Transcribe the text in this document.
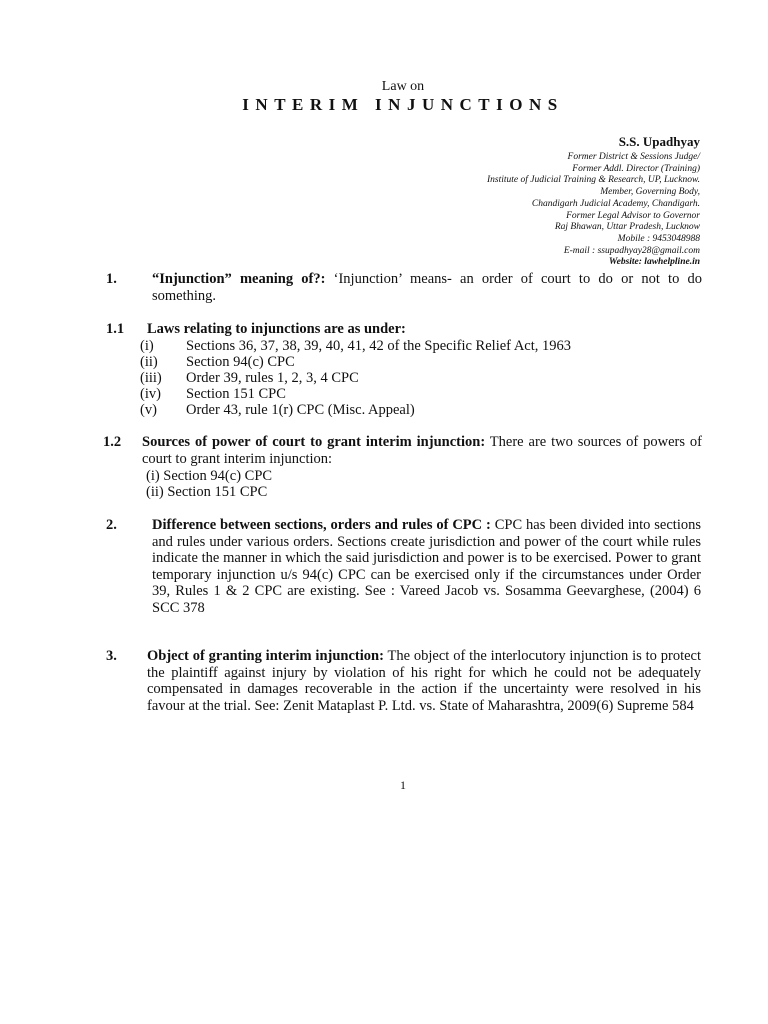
Law on
INTERIM INJUNCTIONS
S.S. Upadhyay
Former District & Sessions Judge/
Former Addl. Director (Training)
Institute of Judicial Training & Research, UP, Lucknow.
Member, Governing Body,
Chandigarh Judicial Academy, Chandigarh.
Former Legal Advisor to Governor
Raj Bhawan, Uttar Pradesh, Lucknow
Mobile : 9453048988
E-mail : ssupadhyay28@gmail.com
Website: lawhelpline.in
1. “Injunction” meaning of?: ‘Injunction’ means- an order of court to do or not to do something.
1.1 Laws relating to injunctions are as under:
(i) Sections 36, 37, 38, 39, 40, 41, 42 of the Specific Relief Act, 1963
(ii) Section 94(c) CPC
(iii) Order 39, rules 1, 2, 3, 4 CPC
(iv) Section 151 CPC
(v) Order 43, rule 1(r) CPC (Misc. Appeal)
1.2 Sources of power of court to grant interim injunction: There are two sources of powers of court to grant interim injunction:
(i) Section 94(c) CPC
(ii) Section 151 CPC
2. Difference between sections, orders and rules of CPC : CPC has been divided into sections and rules under various orders. Sections create jurisdiction and power of the court while rules indicate the manner in which the said jurisdiction and power is to be exercised. Power to grant temporary injunction u/s 94(c) CPC can be exercised only if the circumstances under Order 39, Rules 1 & 2 CPC are existing. See : Vareed Jacob vs. Sosamma Geevarghese, (2004) 6 SCC 378
3. Object of granting interim injunction: The object of the interlocutory injunction is to protect the plaintiff against injury by violation of his right for which he could not be adequately compensated in damages recoverable in the action if the uncertainty were resolved in his favour at the trial. See: Zenit Mataplast P. Ltd. vs. State of Maharashtra, 2009(6) Supreme 584
1
